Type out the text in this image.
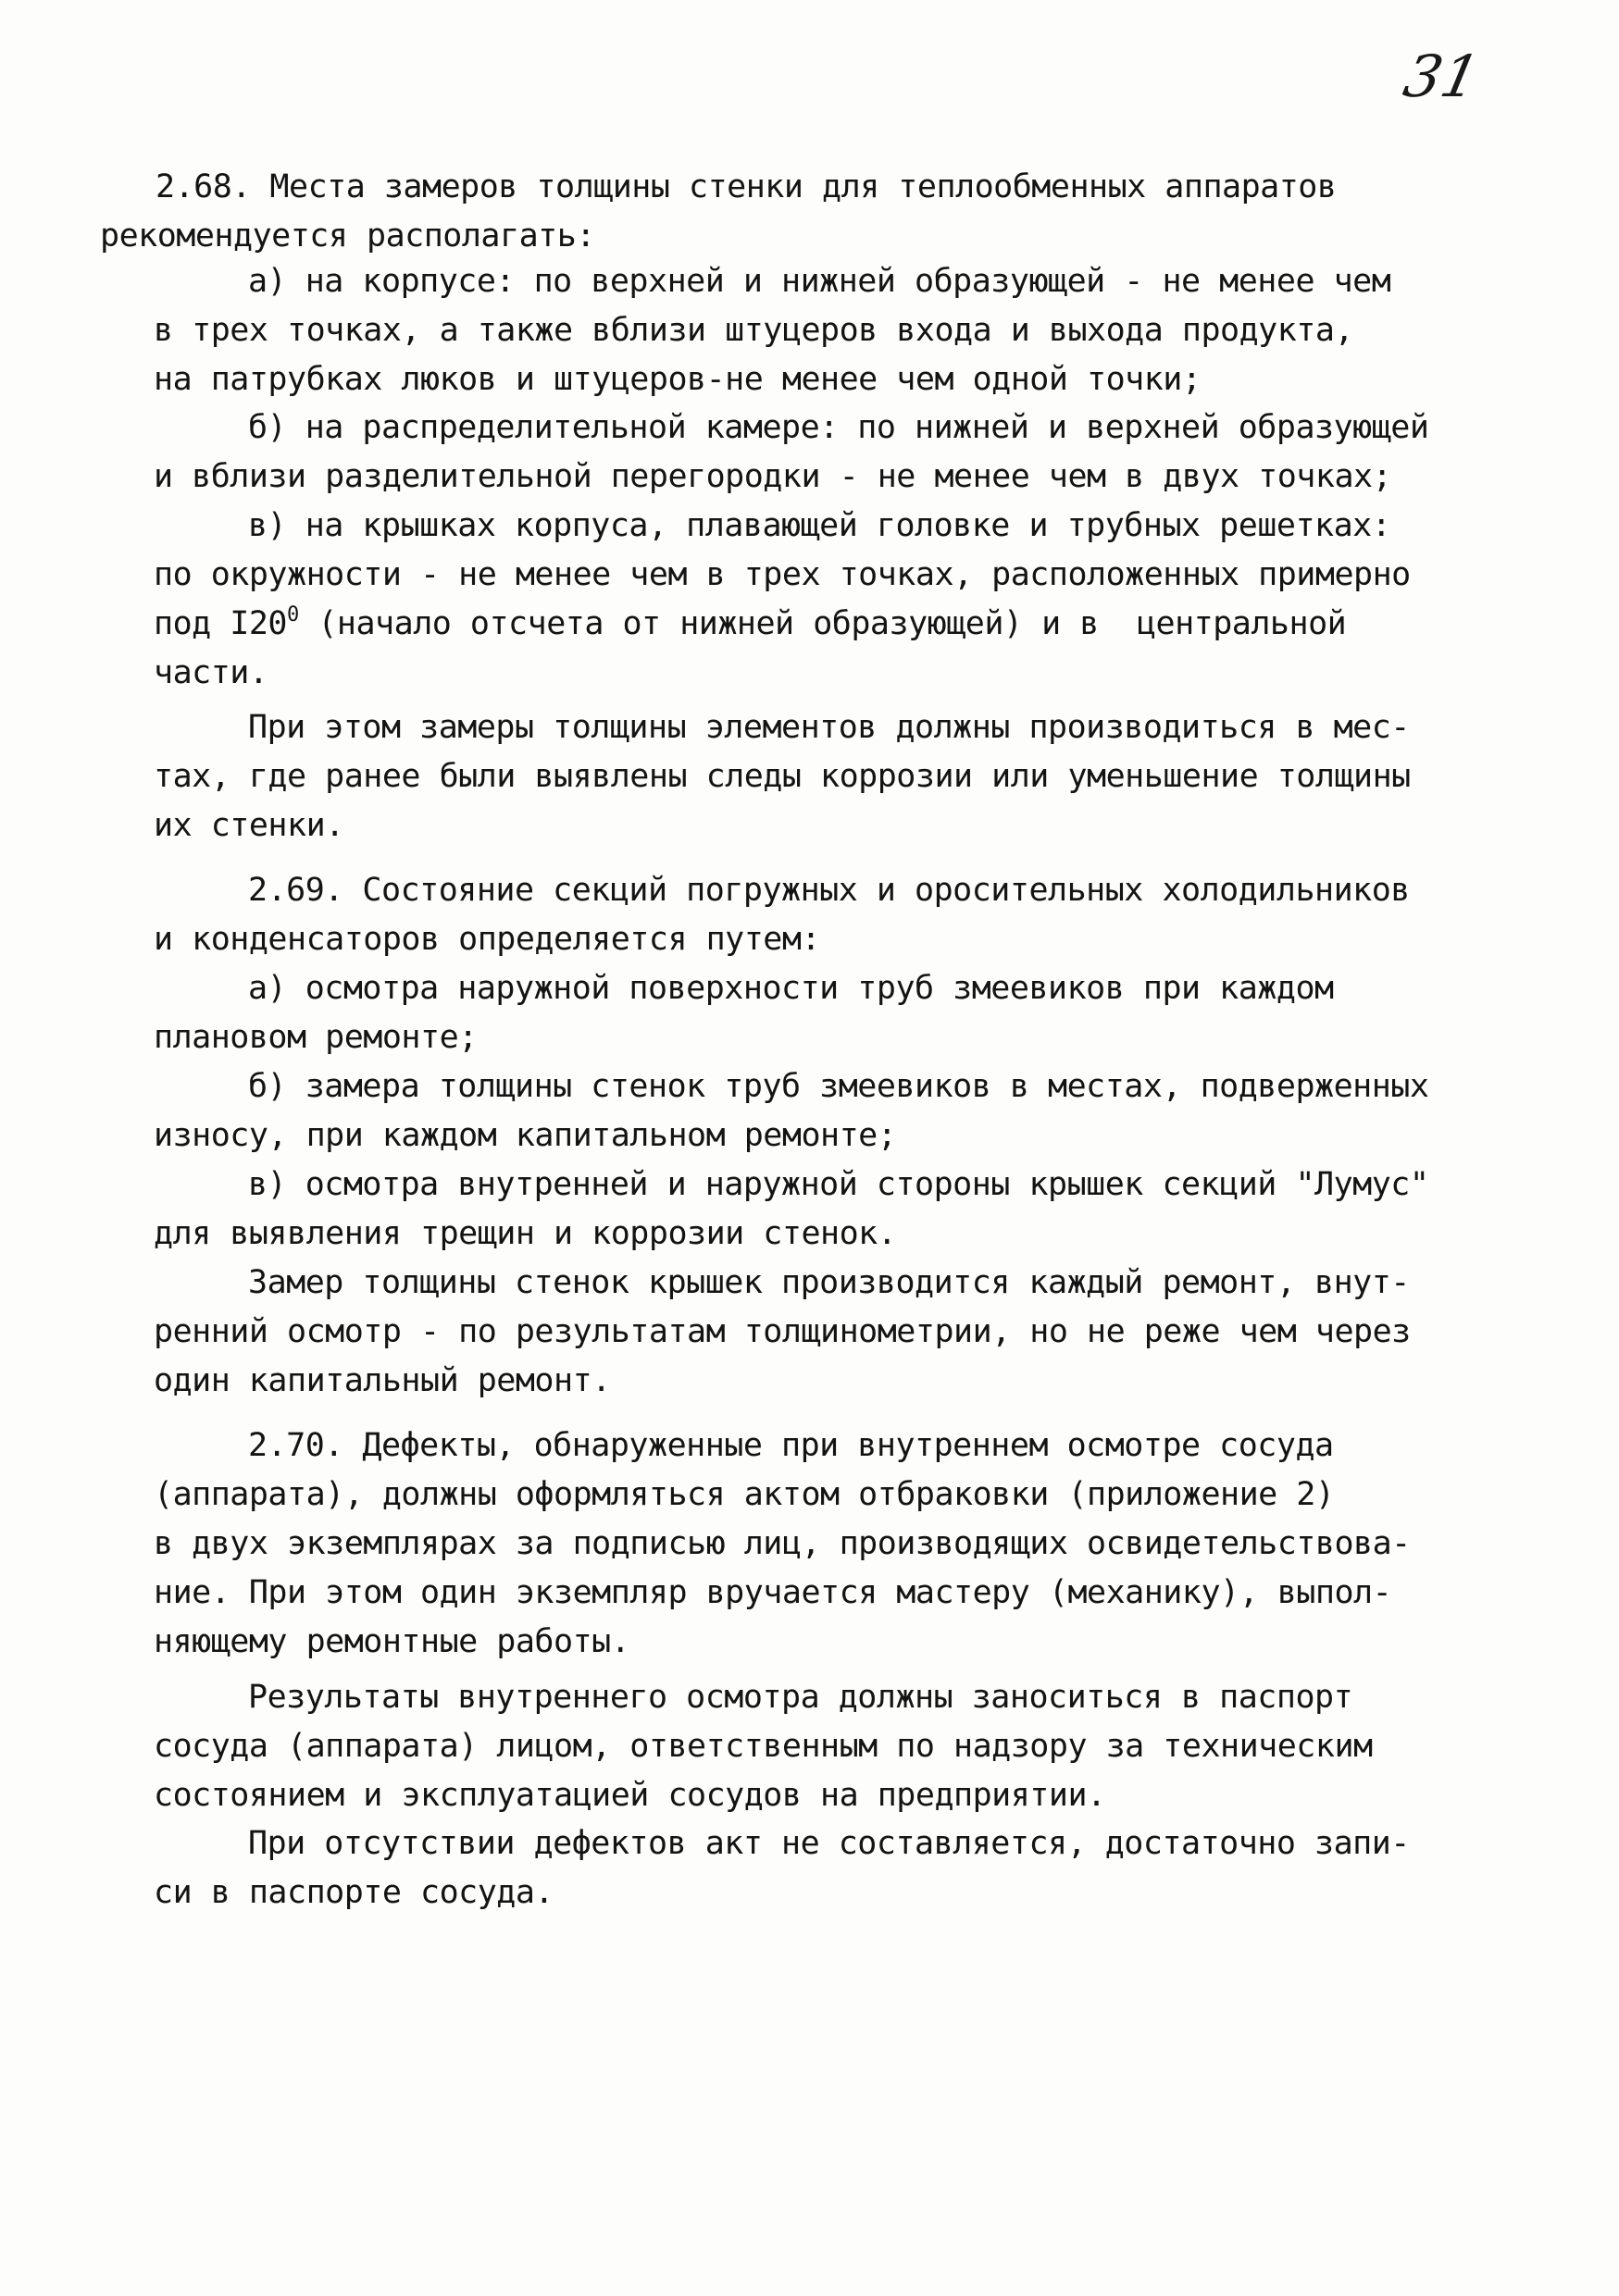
31
2.68. Места замеров толщины стенки для теплообменных аппаратов
рекомендуется располагать:
а) на корпусе: по верхней и нижней образующей - не менее чем
в трех точках, а также вблизи штуцеров входа и выхода продукта,
на патрубках люков и штуцеров-не менее чем одной точки;
б) на распределительной камере: по нижней и верхней образующей
и вблизи разделительной перегородки - не менее чем в двух точках;
в) на крышках корпуса, плавающей головке и трубных решетках:
по окружности - не менее чем в трех точках, расположенных примерно
под $I20^0$ (начало отсчета от нижней образующей) и в  центральной
части.
При этом замеры толщины элементов должны производиться в мес-
тах, где ранее были выявлены следы коррозии или уменьшение толщины
их стенки.
2.69. Состояние секций погружных и оросительных холодильников
и конденсаторов определяется путем:
а) осмотра наружной поверхности труб змеевиков при каждом
плановом ремонте;
б) замера толщины стенок труб змеевиков в местах, подверженных
износу, при каждом капитальном ремонте;
в) осмотра внутренней и наружной стороны крышек секций "Лумус"
для выявления трещин и коррозии стенок.
Замер толщины стенок крышек производится каждый ремонт, внут-
ренний осмотр - по результатам толщинометрии, но не реже чем через
один капитальный ремонт.
2.70. Дефекты, обнаруженные при внутреннем осмотре сосуда
(аппарата), должны оформляться актом отбраковки (приложение 2)
в двух экземплярах за подписью лиц, производящих освидетельствова-
ние. При этом один экземпляр вручается мастеру (механику), выпол-
няющему ремонтные работы.
Результаты внутреннего осмотра должны заноситься в паспорт
сосуда (аппарата) лицом, ответственным по надзору за техническим
состоянием и эксплуатацией сосудов на предприятии.
При отсутствии дефектов акт не составляется, достаточно запи-
си в паспорте сосуда.
